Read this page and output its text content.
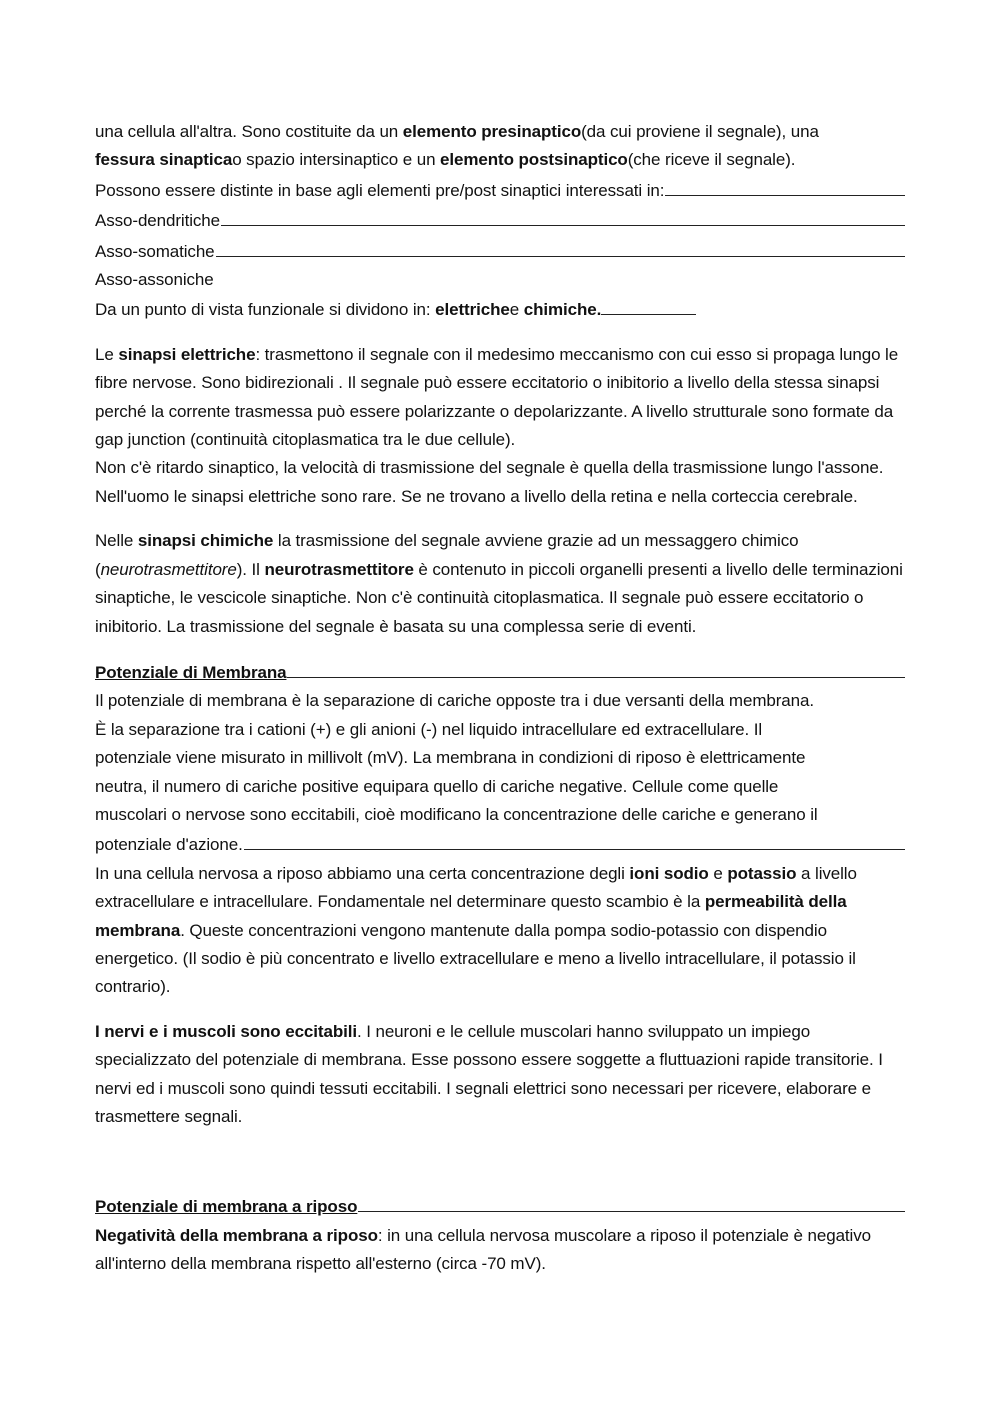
una cellula all'altra. Sono costituite da un
elemento presinaptico (da cui proviene il segnale), una
fessura sinaptica o spazio intersinaptico e un
elemento postsinaptico (che riceve il segnale).
Possono essere distinte in base agli elementi pre/post sinaptici interessati in:
Asso-dendritiche
Asso-somatiche
Asso-assoniche
Da un punto di vista funzionale si dividono in:
elettriche e
chimiche .

Le sinapsi elettriche: trasmettono il segnale con il medesimo meccanismo con cui esso si propaga lungo le fibre nervose. Sono bidirezionali . Il segnale può essere eccitatorio o inibitorio a livello della stessa sinapsi perché la corrente trasmessa può essere polarizzante o depolarizzante. A livello strutturale sono formate da gap junction (continuità citoplasmatica tra le due cellule).
Non c'è ritardo sinaptico, la velocità di trasmissione del segnale è quella della trasmissione lungo l'assone. Nell'uomo le sinapsi elettriche sono rare. Se ne trovano a livello della retina e nella corteccia cerebrale.

Nelle sinapsi chimiche la trasmissione del segnale avviene grazie ad un messaggero chimico (neurotrasmettitore). Il neurotrasmettitore è contenuto in piccoli organelli presenti a livello delle terminazioni sinaptiche, le vescicole sinaptiche. Non c'è continuità citoplasmatica. Il segnale può essere eccitatorio o inibitorio. La trasmissione del segnale è basata su una complessa serie di eventi.

Potenziale di Membrana
Il potenziale di membrana è la separazione di cariche opposte tra i due versanti della membrana.
È la separazione tra i cationi (+) e gli anioni (-) nel liquido intracellulare ed extracellulare. Il
potenziale viene misurato in millivolt (mV). La membrana in condizioni di riposo è elettricamente
neutra, il numero di cariche positive equipara quello di cariche negative. Cellule come quelle
muscolari o nervose sono eccitabili, cioè modificano la concentrazione delle cariche e generano il
potenziale d'azione.

In una cellula nervosa a riposo abbiamo una certa concentrazione degli ioni sodio e potassio a livello extracellulare e intracellulare. Fondamentale nel determinare questo scambio è la permeabilità della membrana. Queste concentrazioni vengono mantenute dalla pompa sodio-potassio con dispendio energetico. (Il sodio è più concentrato e livello extracellulare e meno a livello intracellulare, il potassio il contrario).

I nervi e i muscoli sono eccitabili. I neuroni e le cellule muscolari hanno sviluppato un impiego specializzato del potenziale di membrana. Esse possono essere soggette a fluttuazioni rapide transitorie. I nervi ed i muscoli sono quindi tessuti eccitabili. I segnali elettrici sono necessari per ricevere, elaborare e trasmettere segnali.

Potenziale di membrana a riposo

Negatività della membrana a riposo: in una cellula nervosa muscolare a riposo il potenziale è negativo all'interno della membrana rispetto all'esterno (circa -70 mV).
